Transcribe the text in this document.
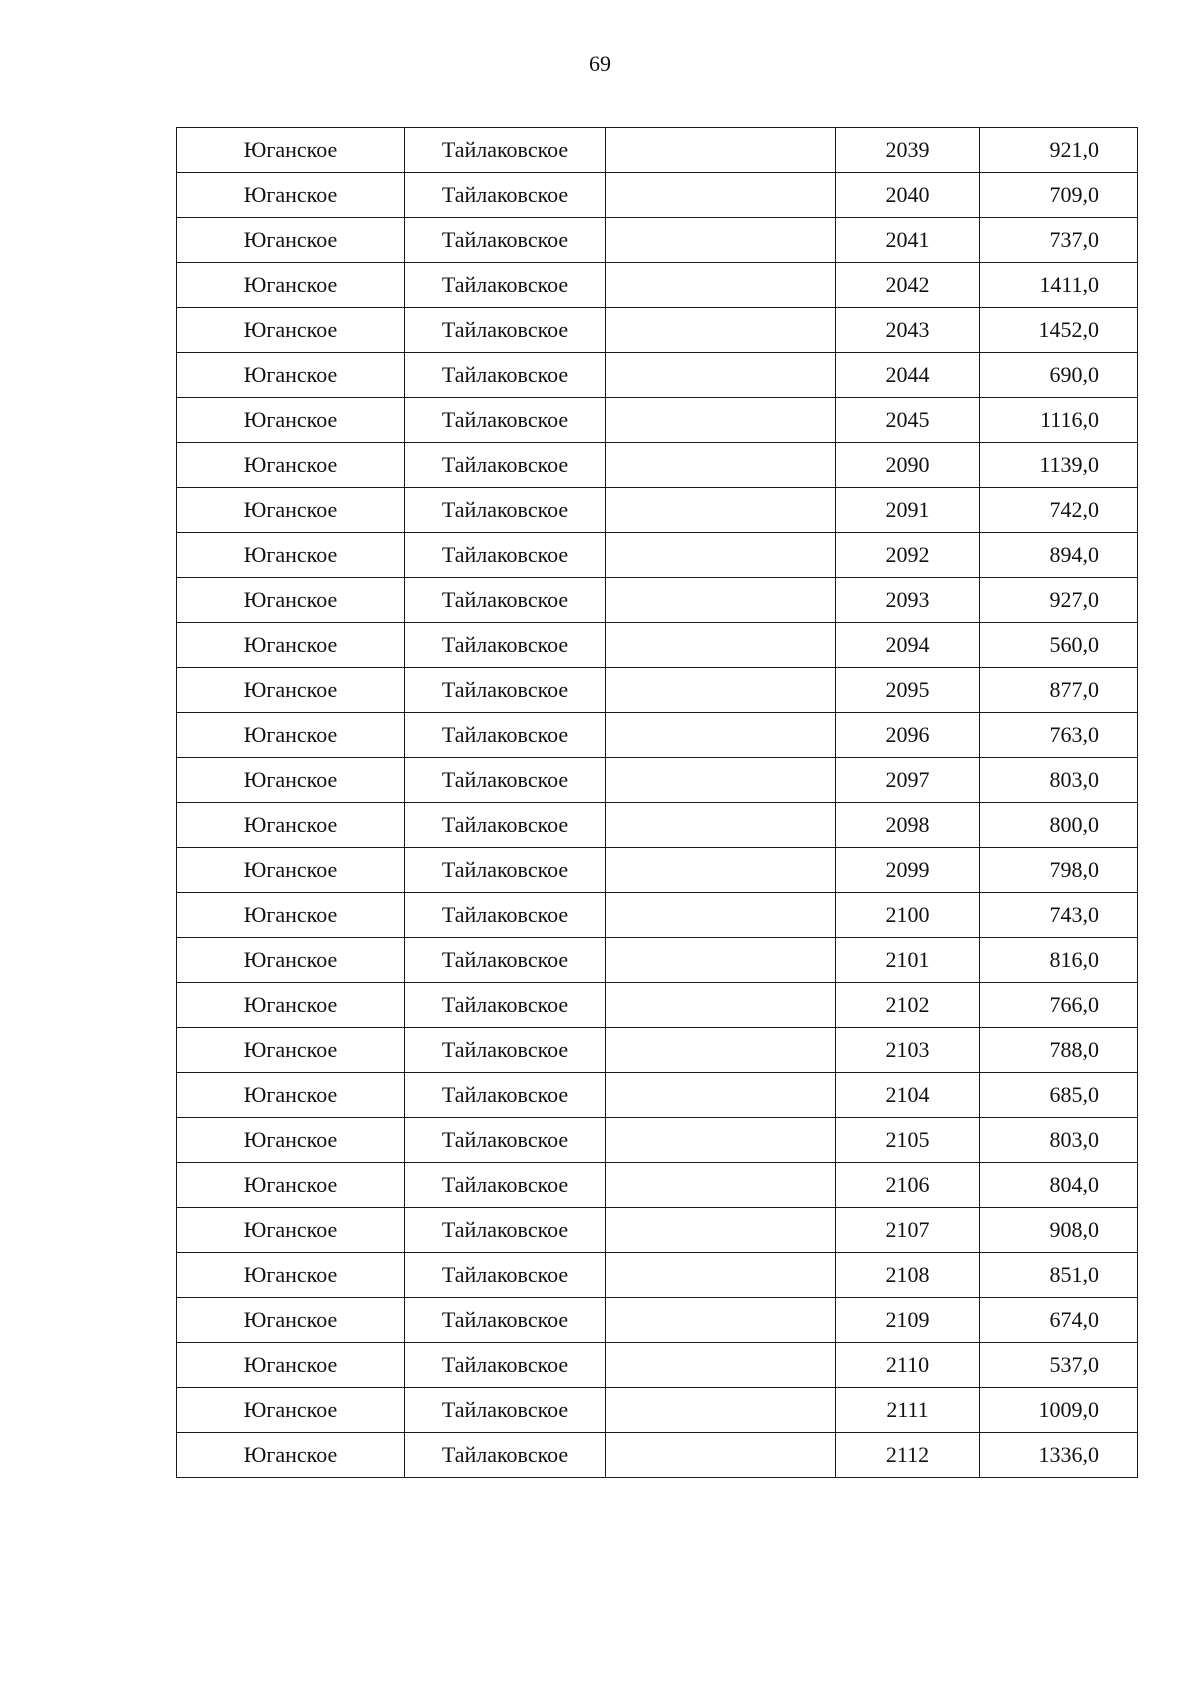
69
Юганское	Тайлаковское		2039	921,0
Юганское	Тайлаковское		2040	709,0
Юганское	Тайлаковское		2041	737,0
Юганское	Тайлаковское		2042	1411,0
Юганское	Тайлаковское		2043	1452,0
Юганское	Тайлаковское		2044	690,0
Юганское	Тайлаковское		2045	1116,0
Юганское	Тайлаковское		2090	1139,0
Юганское	Тайлаковское		2091	742,0
Юганское	Тайлаковское		2092	894,0
Юганское	Тайлаковское		2093	927,0
Юганское	Тайлаковское		2094	560,0
Юганское	Тайлаковское		2095	877,0
Юганское	Тайлаковское		2096	763,0
Юганское	Тайлаковское		2097	803,0
Юганское	Тайлаковское		2098	800,0
Юганское	Тайлаковское		2099	798,0
Юганское	Тайлаковское		2100	743,0
Юганское	Тайлаковское		2101	816,0
Юганское	Тайлаковское		2102	766,0
Юганское	Тайлаковское		2103	788,0
Юганское	Тайлаковское		2104	685,0
Юганское	Тайлаковское		2105	803,0
Юганское	Тайлаковское		2106	804,0
Юганское	Тайлаковское		2107	908,0
Юганское	Тайлаковское		2108	851,0
Юганское	Тайлаковское		2109	674,0
Юганское	Тайлаковское		2110	537,0
Юганское	Тайлаковское		2111	1009,0
Юганское	Тайлаковское		2112	1336,0
